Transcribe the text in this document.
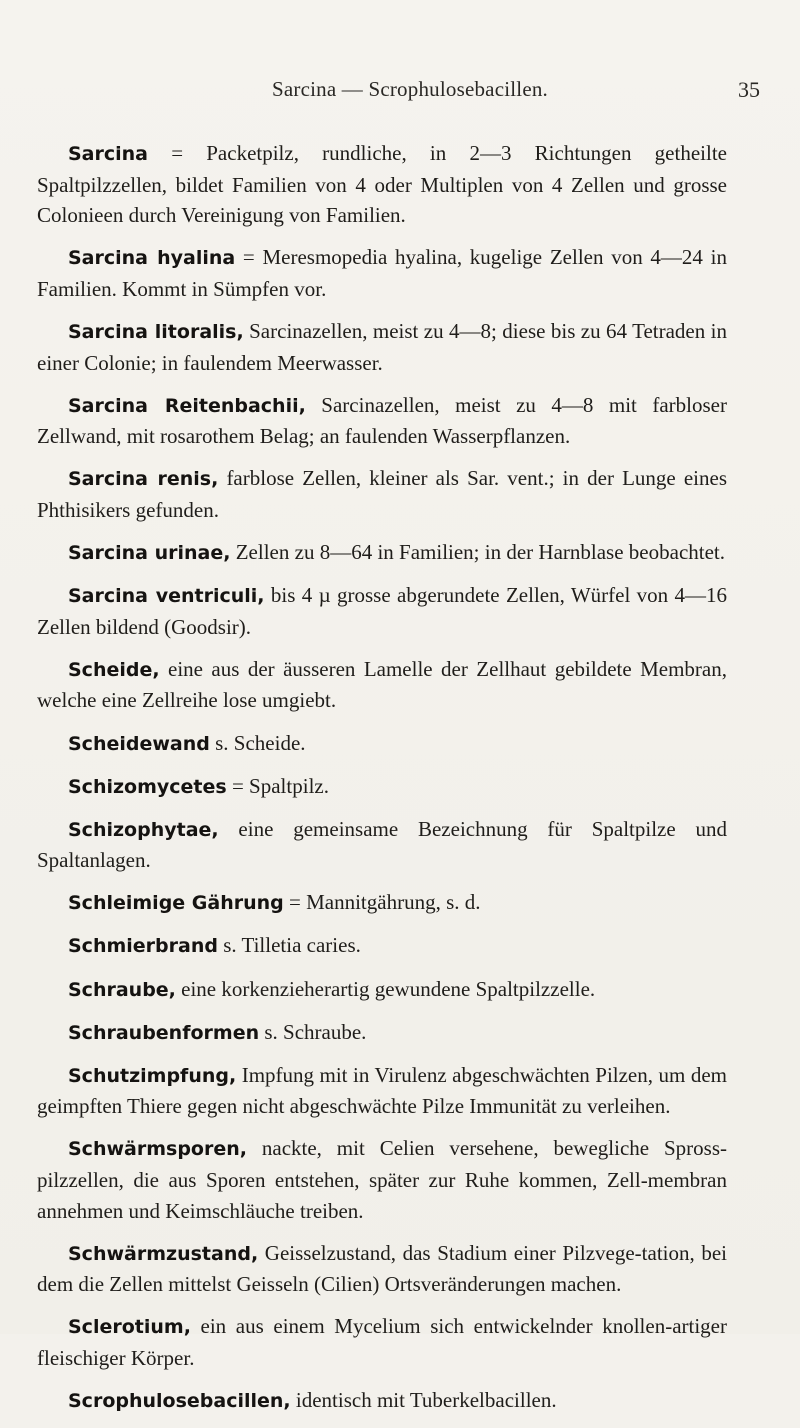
Sarcina — Scrophulosebacillen.	35

Sarcina = Packetpilz, rundliche, in 2—3 Richtungen getheilte Spaltpilzzellen, bildet Familien von 4 oder Multiplen von 4 Zellen und grosse Colonieen durch Vereinigung von Familien.

Sarcina hyalina = Meresmopedia hyalina, kugelige Zellen von 4—24 in Familien. Kommt in Sümpfen vor.

Sarcina litoralis, Sarcinazellen, meist zu 4—8; diese bis zu 64 Tetraden in einer Colonie; in faulendem Meerwasser.

Sarcina Reitenbachii, Sarcinazellen, meist zu 4—8 mit farbloser Zellwand, mit rosarothem Belag; an faulenden Wasserpflanzen.

Sarcina renis, farblose Zellen, kleiner als Sar. vent.; in der Lunge eines Phthisikers gefunden.

Sarcina urinae, Zellen zu 8—64 in Familien; in der Harnblase beobachtet.

Sarcina ventriculi, bis 4 µ grosse abgerundete Zellen, Würfel von 4—16 Zellen bildend (Goodsir).

Scheide, eine aus der äusseren Lamelle der Zellhaut gebildete Membran, welche eine Zellreihe lose umgiebt.

Scheidewand s. Scheide.

Schizomycetes = Spaltpilz.

Schizophytae, eine gemeinsame Bezeichnung für Spaltpilze und Spaltanlagen.

Schleimige Gährung = Mannitgährung, s. d.

Schmierbrand s. Tilletia caries.

Schraube, eine korkenzieherartig gewundene Spaltpilzzelle.

Schraubenformen s. Schraube.

Schutzimpfung, Impfung mit in Virulenz abgeschwächten Pilzen, um dem geimpften Thiere gegen nicht abgeschwächte Pilze Immunität zu verleihen.

Schwärmsporen, nackte, mit Celien versehene, bewegliche Spross-pilzzellen, die aus Sporen entstehen, später zur Ruhe kommen, Zell-membran annehmen und Keimschläuche treiben.

Schwärmzustand, Geisselzustand, das Stadium einer Pilzvege-tation, bei dem die Zellen mittelst Geisseln (Cilien) Ortsveränderungen machen.

Sclerotium, ein aus einem Mycelium sich entwickelnder knollen-artiger fleischiger Körper.

Scrophulosebacillen, identisch mit Tuberkelbacillen.
